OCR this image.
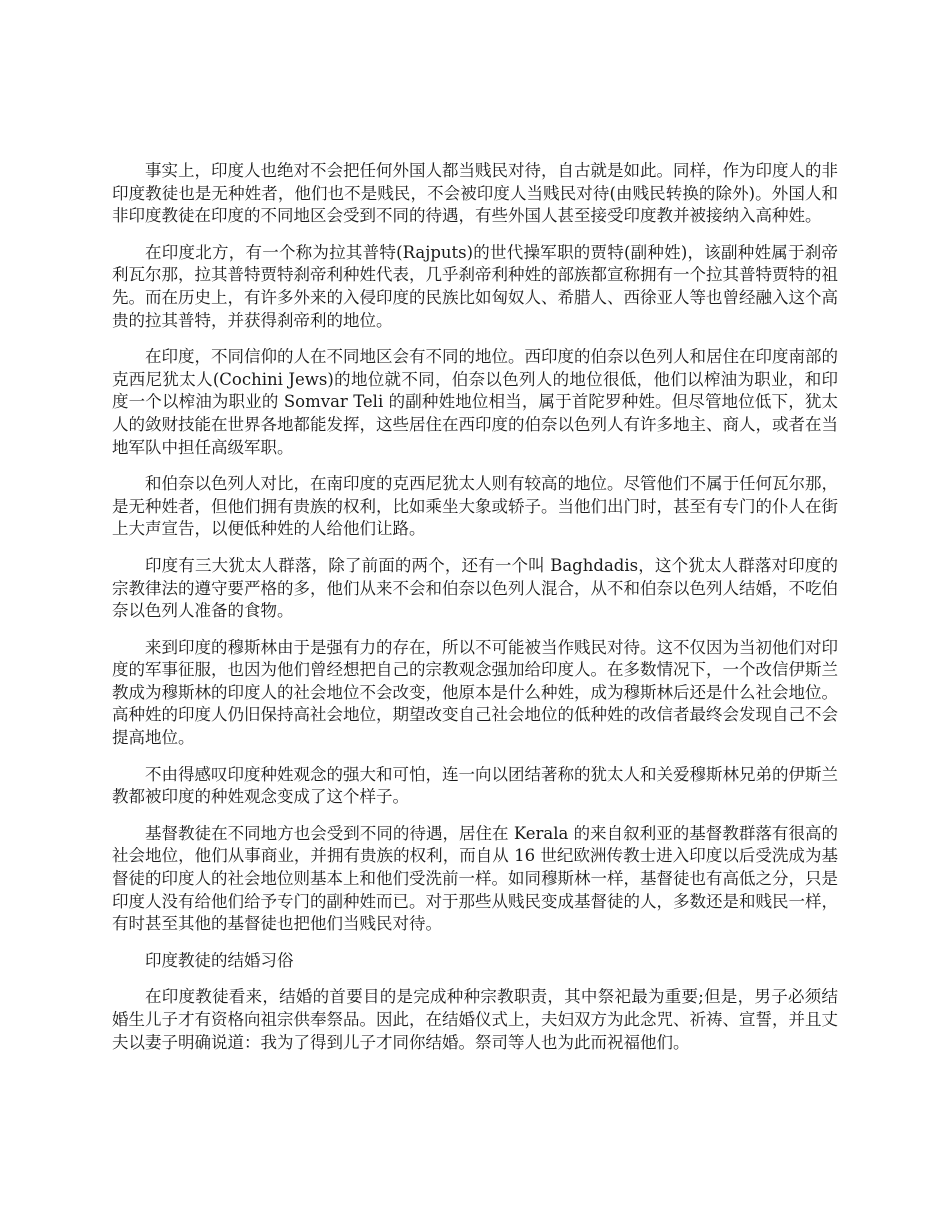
事实上，印度人也绝对不会把任何外国人都当贱民对待，自古就是如此。同样，作为印度人的非印度教徒也是无种姓者，他们也不是贱民，不会被印度人当贱民对待(由贱民转换的除外)。外国人和非印度教徒在印度的不同地区会受到不同的待遇，有些外国人甚至接受印度教并被接纳入高种姓。

在印度北方，有一个称为拉其普特(Rajputs)的世代操军职的贾特(副种姓)，该副种姓属于刹帝利瓦尔那，拉其普特贾特刹帝利种姓代表，几乎刹帝利种姓的部族都宣称拥有一个拉其普特贾特的祖先。而在历史上，有许多外来的入侵印度的民族比如匈奴人、希腊人、西徐亚人等也曾经融入这个高贵的拉其普特，并获得刹帝利的地位。

在印度，不同信仰的人在不同地区会有不同的地位。西印度的伯奈以色列人和居住在印度南部的克西尼犹太人(Cochini Jews)的地位就不同，伯奈以色列人的地位很低，他们以榨油为职业，和印度一个以榨油为职业的 Somvar Teli 的副种姓地位相当，属于首陀罗种姓。但尽管地位低下，犹太人的敛财技能在世界各地都能发挥，这些居住在西印度的伯奈以色列人有许多地主、商人，或者在当地军队中担任高级军职。

和伯奈以色列人对比，在南印度的克西尼犹太人则有较高的地位。尽管他们不属于任何瓦尔那，是无种姓者，但他们拥有贵族的权利，比如乘坐大象或轿子。当他们出门时，甚至有专门的仆人在街上大声宣告，以便低种姓的人给他们让路。

印度有三大犹太人群落，除了前面的两个，还有一个叫 Baghdadis，这个犹太人群落对印度的宗教律法的遵守要严格的多，他们从来不会和伯奈以色列人混合，从不和伯奈以色列人结婚，不吃伯奈以色列人准备的食物。

来到印度的穆斯林由于是强有力的存在，所以不可能被当作贱民对待。这不仅因为当初他们对印度的军事征服，也因为他们曾经想把自己的宗教观念强加给印度人。在多数情况下，一个改信伊斯兰教成为穆斯林的印度人的社会地位不会改变，他原本是什么种姓，成为穆斯林后还是什么社会地位。高种姓的印度人仍旧保持高社会地位，期望改变自己社会地位的低种姓的改信者最终会发现自己不会提高地位。

不由得感叹印度种姓观念的强大和可怕，连一向以团结著称的犹太人和关爱穆斯林兄弟的伊斯兰教都被印度的种姓观念变成了这个样子。

基督教徒在不同地方也会受到不同的待遇，居住在 Kerala 的来自叙利亚的基督教群落有很高的社会地位，他们从事商业，并拥有贵族的权利，而自从 16 世纪欧洲传教士进入印度以后受洗成为基督徒的印度人的社会地位则基本上和他们受洗前一样。如同穆斯林一样，基督徒也有高低之分，只是印度人没有给他们给予专门的副种姓而已。对于那些从贱民变成基督徒的人，多数还是和贱民一样，有时甚至其他的基督徒也把他们当贱民对待。

印度教徒的结婚习俗

在印度教徒看来，结婚的首要目的是完成种种宗教职责，其中祭祀最为重要;但是，男子必须结婚生儿子才有资格向祖宗供奉祭品。因此，在结婚仪式上，夫妇双方为此念咒、祈祷、宣誓，并且丈夫以妻子明确说道：我为了得到儿子才同你结婚。祭司等人也为此而祝福他们。
